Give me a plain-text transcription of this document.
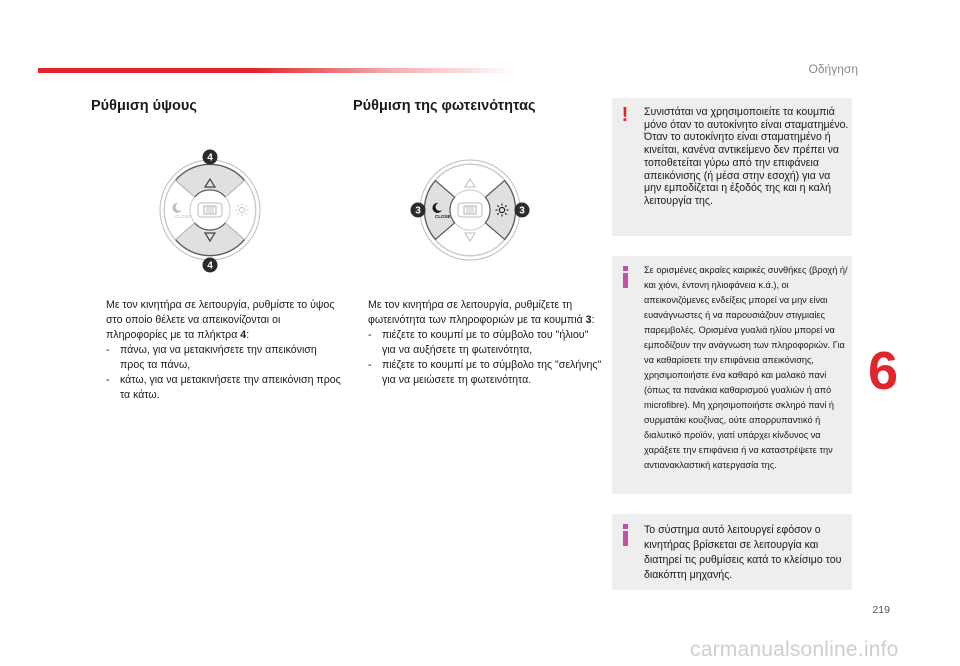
Οδήγηση
Ρύθμιση ύψους	Ρύθμιση της φωτεινότητας
CLOSE
4
4
CLOSE
3	3
Με τον κινητήρα σε λειτουργία, ρυθμίστε το ύψος στο οποίο θέλετε να απεικονίζονται οι πληροφορίες με τα πλήκτρα 4:
- πάνω, για να μετακινήσετε την απεικόνιση προς τα πάνω,
- κάτω, για να μετακινήσετε την απεικόνιση προς τα κάτω.
Με τον κινητήρα σε λειτουργία, ρυθμίζετε τη φωτεινότητα των πληροφοριών με τα κουμπιά 3:
- πιέζετε το κουμπί με το σύμβολο του "ήλιου" για να αυξήσετε τη φωτεινότητα,
- πιέζετε το κουμπί με το σύμβολο της "σελήνης" για να μειώσετε τη φωτεινότητα.
! Συνιστάται να χρησιμοποιείτε τα κουμπιά μόνο όταν το αυτοκίνητο είναι σταματημένο. Όταν το αυτοκίνητο είναι σταματημένο ή κινείται, κανένα αντικείμενο δεν πρέπει να τοποθετείται γύρω από την επιφάνεια απεικόνισης (ή μέσα στην εσοχή) για να μην εμποδίζεται η έξοδός της και η καλή λειτουργία της.
Σε ορισμένες ακραίες καιρικές συνθήκες (βροχή ή/και χιόνι, έντονη ηλιοφάνεια κ.ά.), οι απεικονιζόμενες ενδείξεις μπορεί να μην είναι ευανάγνωστες ή να παρουσιάζουν στιγμιαίες παρεμβολές. Ορισμένα γυαλιά ηλίου μπορεί να εμποδίζουν την ανάγνωση των πληροφοριών. Για να καθαρίσετε την επιφάνεια απεικόνισης, χρησιμοποιήστε ένα καθαρό και μαλακό πανί (όπως τα πανάκια καθαρισμού γυαλιών ή από microfibre). Μη χρησιμοποιήστε σκληρό πανί ή συρματάκι κουζίνας, ούτε απορρυπαντικό ή διαλυτικό προϊόν, γιατί υπάρχει κίνδυνος να χαράξετε την επιφάνεια ή να καταστρέψετε την αντιανακλαστική κατεργασία της.
Το σύστημα αυτό λειτουργεί εφόσον ο κινητήρας βρίσκεται σε λειτουργία και διατηρεί τις ρυθμίσεις κατά το κλείσιμο του διακόπτη μηχανής.
6
219
carmanualsonline.info
